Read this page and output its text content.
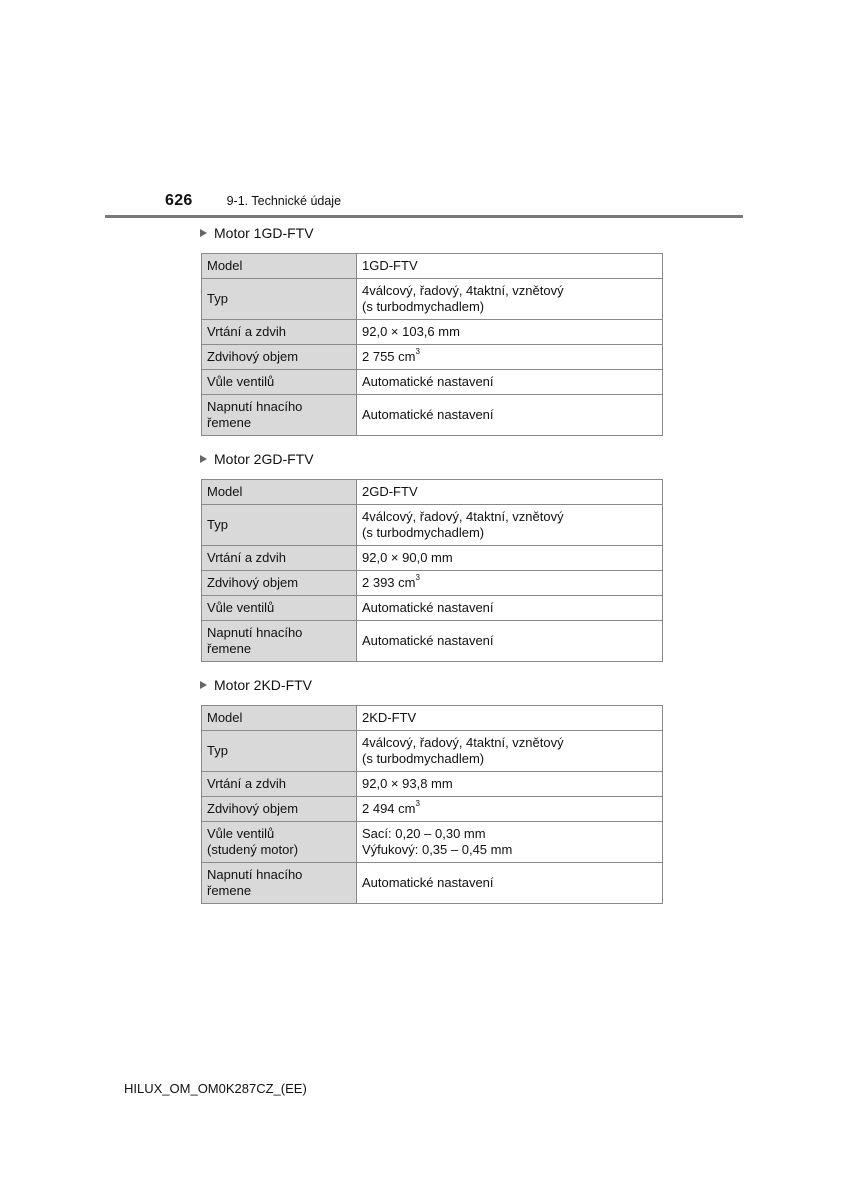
626	9-1. Technické údaje
Motor 1GD-FTV
Model	1GD-FTV
Typ	4válcový, řadový, 4taktní, vznětový
(s turbodmychadlem)
Vrtání a zdvih	92,0 × 103,6 mm
Zdvihový objem	2 755 $cm^3$
Vůle ventilů	Automatické nastavení
Napnutí hnacího
řemene	Automatické nastavení
Motor 2GD-FTV
Model	2GD-FTV
Typ	4válcový, řadový, 4taktní, vznětový
(s turbodmychadlem)
Vrtání a zdvih	92,0 × 90,0 mm
Zdvihový objem	2 393 $cm^3$
Vůle ventilů	Automatické nastavení
Napnutí hnacího
řemene	Automatické nastavení
Motor 2KD-FTV
Model	2KD-FTV
Typ	4válcový, řadový, 4taktní, vznětový
(s turbodmychadlem)
Vrtání a zdvih	92,0 × 93,8 mm
Zdvihový objem	2 494 $cm^3$
Vůle ventilů
(studený motor)	Sací: 0,20 – 0,30 mm
Výfukový: 0,35 – 0,45 mm
Napnutí hnacího
řemene	Automatické nastavení
HILUX_OM_OM0K287CZ_(EE)
